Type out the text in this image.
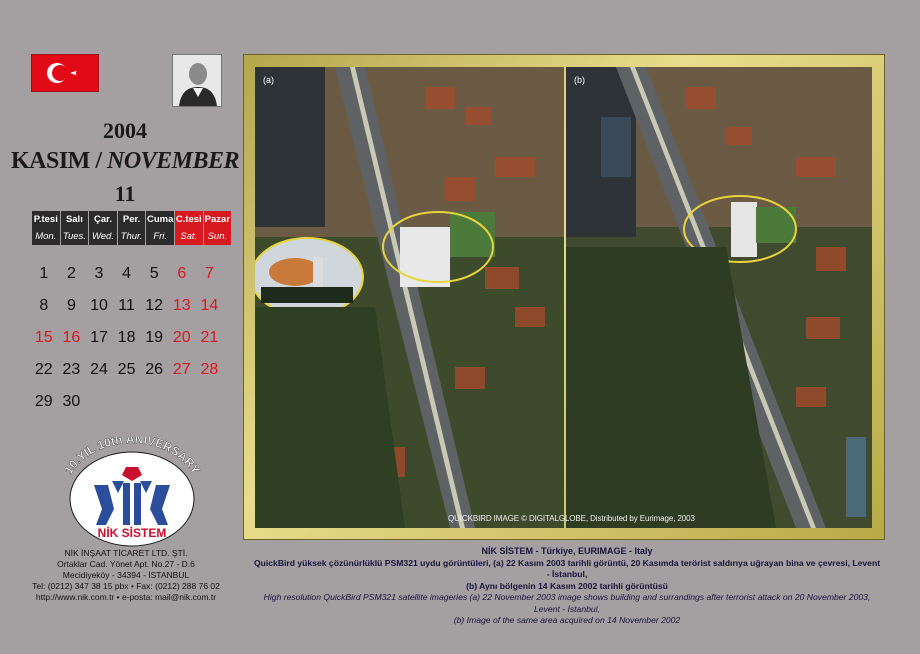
2004
KASIM / NOVEMBER
11
P.tesi	Salı	Çar.	Per.	Cuma	C.tesi	Pazar
Mon.	Tues.	Wed.	Thur.	Fri.	Sat.	Sun.
1	2	3	4	5	6	7
8	9	10	11	12	13	14
15	16	17	18	19	20	21
22	23	24	25	26	27	28
29	30					
10.YIL 10th ANIVERSARY
NİK SİSTEM
NİK İNŞAAT TİCARET LTD. ŞTİ.
Ortaklar Cad. Yönet Apt. No.27 - D.6
Mecidiyeköy - 34394 - İSTANBUL
Tel: (0212) 347 38 15 pbx • Fax: (0212) 288 76 02
http://www.nik.com.tr • e-posta: mail@nik.com.tr
(a)	(b)
QUICKBIRD IMAGE © DIGITALGLOBE, Distributed by Eurimage, 2003
NİK SİSTEM - Türkiye, EURIMAGE - Italy
QuickBird yüksek çözünürlüklü PSM321 uydu görüntüleri, (a) 22 Kasım 2003 tarihli görüntü, 20 Kasımda terörist saldırıya uğrayan bina ve çevresi, Levent - İstanbul,
(b) Aynı bölgenin 14 Kasım 2002 tarihli görüntüsü
High resolution QuickBird PSM321 satellite imageries (a) 22 November 2003 image shows building and surrandings after terrorist attack on 20 November 2003, Levent - İstanbul,
(b) Image of the same area acquired on 14 November 2002
